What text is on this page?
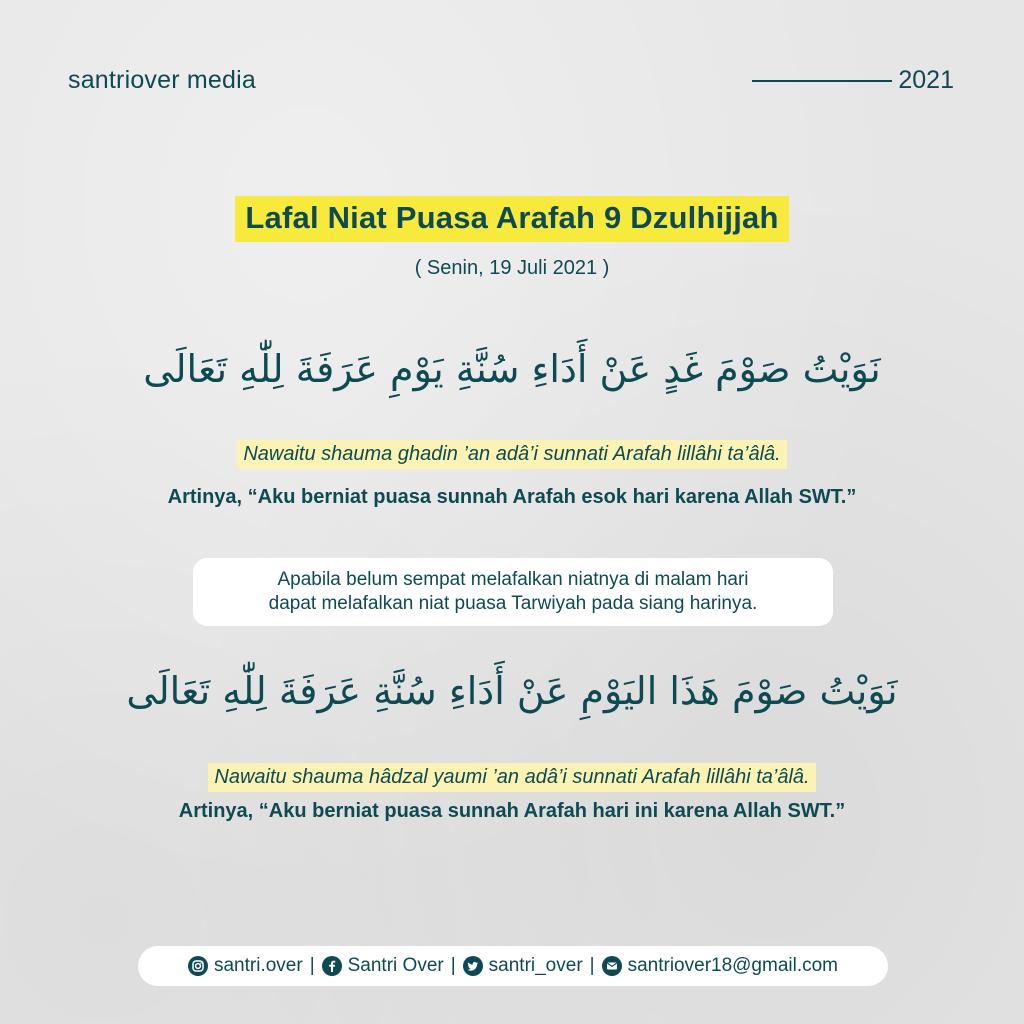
santriover media	2021
Lafal Niat Puasa Arafah 9 Dzulhijjah
( Senin, 19 Juli 2021 )
نَوَيْتُ صَوْمَ غَدٍ عَنْ أَدَاءِ سُنَّةِ يَوْمِ عَرَفَةَ لِلّٰهِ تَعَالَى
Nawaitu shauma ghadin ’an adâ’i sunnati Arafah lillâhi ta’âlâ.
Artinya, “Aku berniat puasa sunnah Arafah esok hari karena Allah SWT.”
Apabila belum sempat melafalkan niatnya di malam hari
dapat melafalkan niat puasa Tarwiyah pada siang harinya.
نَوَيْتُ صَوْمَ هَذَا اليَوْمِ عَنْ أَدَاءِ سُنَّةِ عَرَفَةَ لِلّٰهِ تَعَالَى
Nawaitu shauma hâdzal yaumi ’an adâ’i sunnati Arafah lillâhi ta’âlâ.
Artinya, “Aku berniat puasa sunnah Arafah hari ini karena Allah SWT.”
santri.over | Santri Over | santri_over | santriover18@gmail.com
